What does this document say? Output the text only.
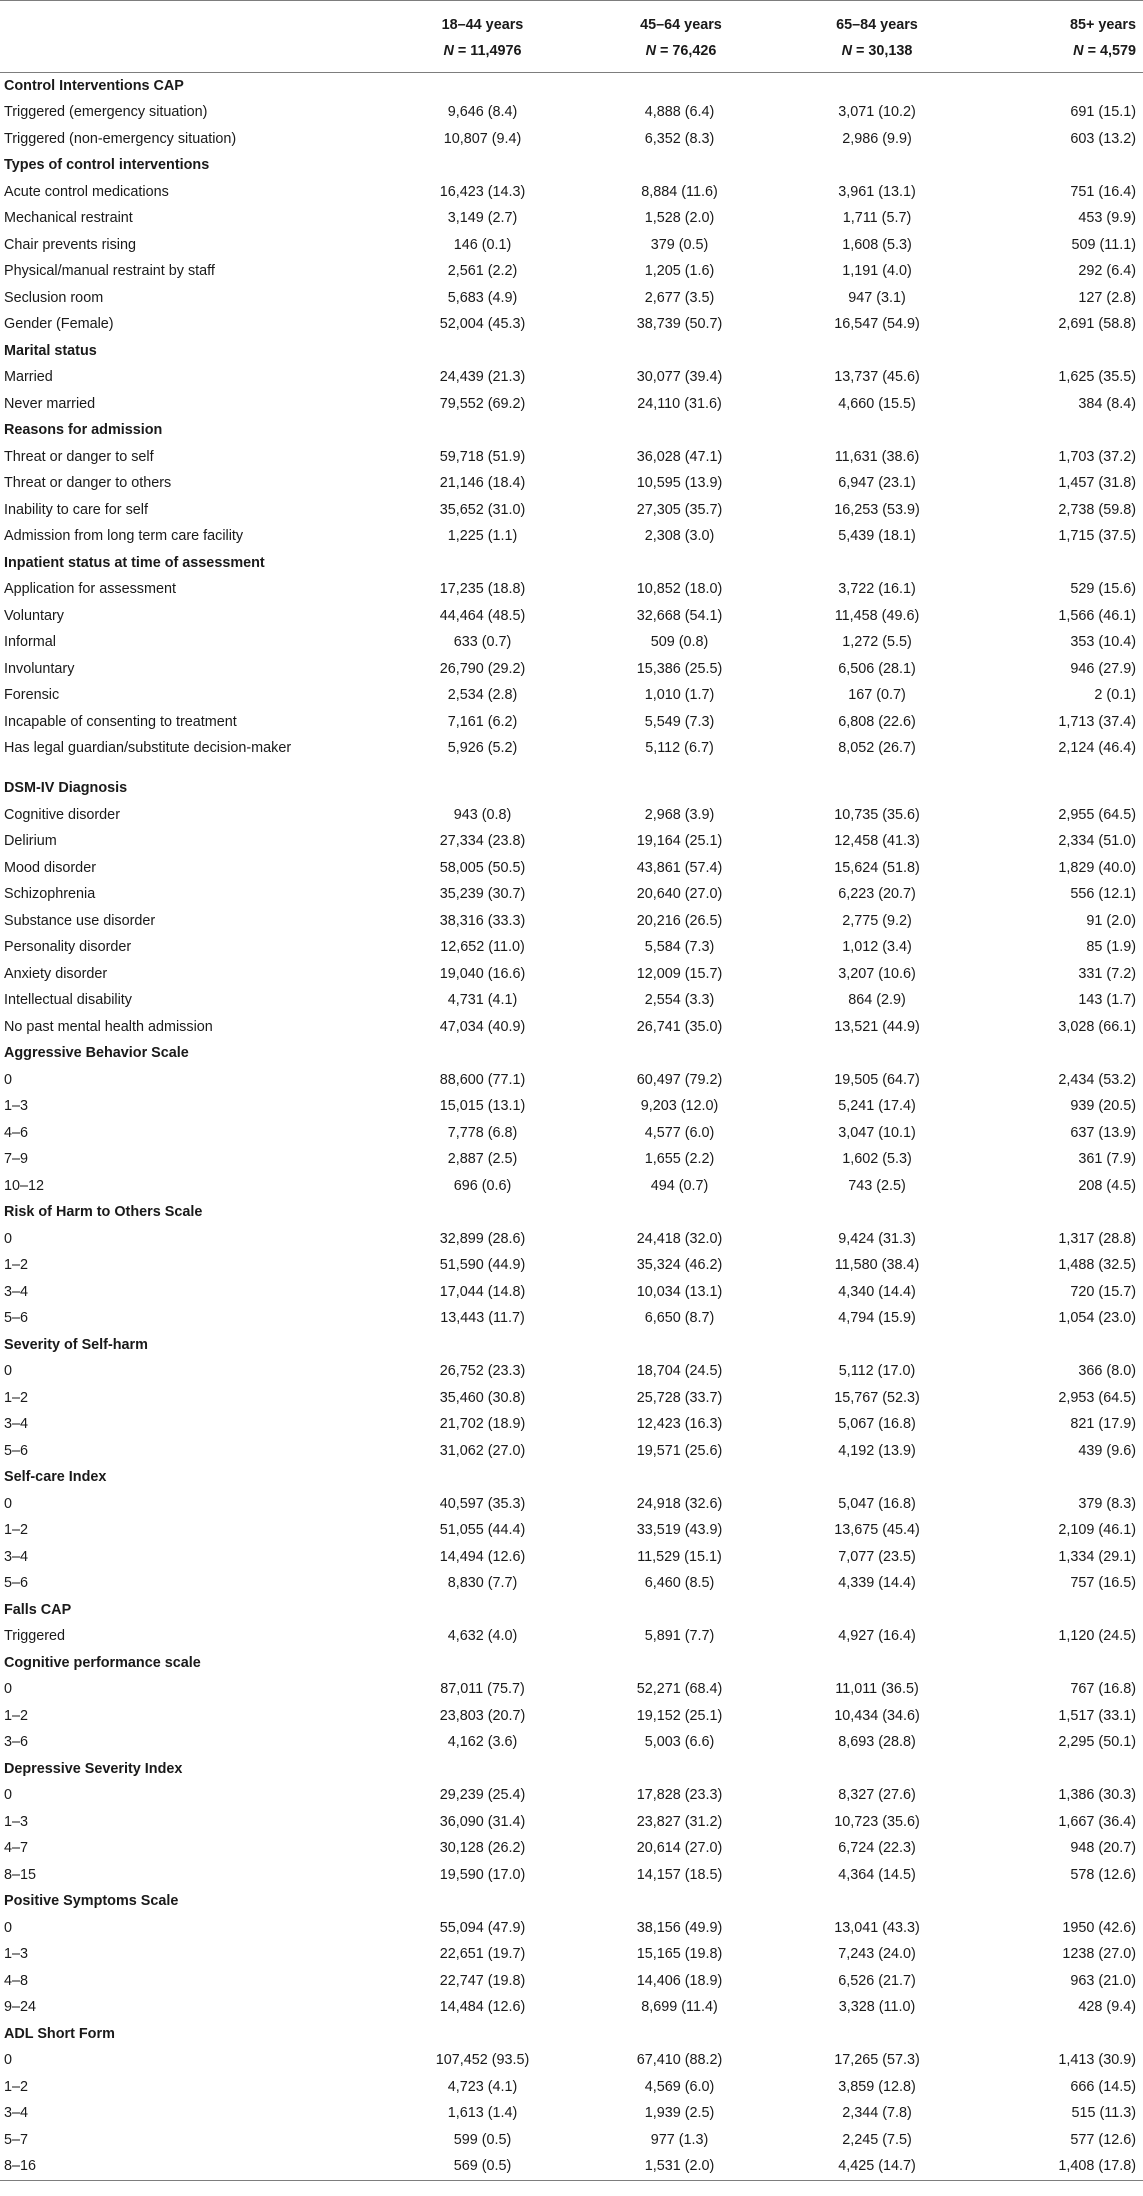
	18–44 years	45–64 years	65–84 years	85+ years
	N = 11,4976	N = 76,426	N = 30,138	N = 4,579
Control Interventions CAP				
Triggered (emergency situation)	9,646 (8.4)	4,888 (6.4)	3,071 (10.2)	691 (15.1)
Triggered (non-emergency situation)	10,807 (9.4)	6,352 (8.3)	2,986 (9.9)	603 (13.2)
Types of control interventions				
Acute control medications	16,423 (14.3)	8,884 (11.6)	3,961 (13.1)	751 (16.4)
Mechanical restraint	3,149 (2.7)	1,528 (2.0)	1,711 (5.7)	453 (9.9)
Chair prevents rising	146 (0.1)	379 (0.5)	1,608 (5.3)	509 (11.1)
Physical/manual restraint by staff	2,561 (2.2)	1,205 (1.6)	1,191 (4.0)	292 (6.4)
Seclusion room	5,683 (4.9)	2,677 (3.5)	947 (3.1)	127 (2.8)
Gender (Female)	52,004 (45.3)	38,739 (50.7)	16,547 (54.9)	2,691 (58.8)
Marital status				
Married	24,439 (21.3)	30,077 (39.4)	13,737 (45.6)	1,625 (35.5)
Never married	79,552 (69.2)	24,110 (31.6)	4,660 (15.5)	384 (8.4)
Reasons for admission				
Threat or danger to self	59,718 (51.9)	36,028 (47.1)	11,631 (38.6)	1,703 (37.2)
Threat or danger to others	21,146 (18.4)	10,595 (13.9)	6,947 (23.1)	1,457 (31.8)
Inability to care for self	35,652 (31.0)	27,305 (35.7)	16,253 (53.9)	2,738 (59.8)
Admission from long term care facility	1,225 (1.1)	2,308 (3.0)	5,439 (18.1)	1,715 (37.5)
Inpatient status at time of assessment				
Application for assessment	17,235 (18.8)	10,852 (18.0)	3,722 (16.1)	529 (15.6)
Voluntary	44,464 (48.5)	32,668 (54.1)	11,458 (49.6)	1,566 (46.1)
Informal	633 (0.7)	509 (0.8)	1,272 (5.5)	353 (10.4)
Involuntary	26,790 (29.2)	15,386 (25.5)	6,506 (28.1)	946 (27.9)
Forensic	2,534 (2.8)	1,010 (1.7)	167 (0.7)	2 (0.1)
Incapable of consenting to treatment	7,161 (6.2)	5,549 (7.3)	6,808 (22.6)	1,713 (37.4)
Has legal guardian/substitute decision-maker	5,926 (5.2)	5,112 (6.7)	8,052 (26.7)	2,124 (46.4)
DSM-IV Diagnosis				
Cognitive disorder	943 (0.8)	2,968 (3.9)	10,735 (35.6)	2,955 (64.5)
Delirium	27,334 (23.8)	19,164 (25.1)	12,458 (41.3)	2,334 (51.0)
Mood disorder	58,005 (50.5)	43,861 (57.4)	15,624 (51.8)	1,829 (40.0)
Schizophrenia	35,239 (30.7)	20,640 (27.0)	6,223 (20.7)	556 (12.1)
Substance use disorder	38,316 (33.3)	20,216 (26.5)	2,775 (9.2)	91 (2.0)
Personality disorder	12,652 (11.0)	5,584 (7.3)	1,012 (3.4)	85 (1.9)
Anxiety disorder	19,040 (16.6)	12,009 (15.7)	3,207 (10.6)	331 (7.2)
Intellectual disability	4,731 (4.1)	2,554 (3.3)	864 (2.9)	143 (1.7)
No past mental health admission	47,034 (40.9)	26,741 (35.0)	13,521 (44.9)	3,028 (66.1)
Aggressive Behavior Scale				
0	88,600 (77.1)	60,497 (79.2)	19,505 (64.7)	2,434 (53.2)
1–3	15,015 (13.1)	9,203 (12.0)	5,241 (17.4)	939 (20.5)
4–6	7,778 (6.8)	4,577 (6.0)	3,047 (10.1)	637 (13.9)
7–9	2,887 (2.5)	1,655 (2.2)	1,602 (5.3)	361 (7.9)
10–12	696 (0.6)	494 (0.7)	743 (2.5)	208 (4.5)
Risk of Harm to Others Scale				
0	32,899 (28.6)	24,418 (32.0)	9,424 (31.3)	1,317 (28.8)
1–2	51,590 (44.9)	35,324 (46.2)	11,580 (38.4)	1,488 (32.5)
3–4	17,044 (14.8)	10,034 (13.1)	4,340 (14.4)	720 (15.7)
5–6	13,443 (11.7)	6,650 (8.7)	4,794 (15.9)	1,054 (23.0)
Severity of Self-harm				
0	26,752 (23.3)	18,704 (24.5)	5,112 (17.0)	366 (8.0)
1–2	35,460 (30.8)	25,728 (33.7)	15,767 (52.3)	2,953 (64.5)
3–4	21,702 (18.9)	12,423 (16.3)	5,067 (16.8)	821 (17.9)
5–6	31,062 (27.0)	19,571 (25.6)	4,192 (13.9)	439 (9.6)
Self-care Index				
0	40,597 (35.3)	24,918 (32.6)	5,047 (16.8)	379 (8.3)
1–2	51,055 (44.4)	33,519 (43.9)	13,675 (45.4)	2,109 (46.1)
3–4	14,494 (12.6)	11,529 (15.1)	7,077 (23.5)	1,334 (29.1)
5–6	8,830 (7.7)	6,460 (8.5)	4,339 (14.4)	757 (16.5)
Falls CAP				
Triggered	4,632 (4.0)	5,891 (7.7)	4,927 (16.4)	1,120 (24.5)
Cognitive performance scale				
0	87,011 (75.7)	52,271 (68.4)	11,011 (36.5)	767 (16.8)
1–2	23,803 (20.7)	19,152 (25.1)	10,434 (34.6)	1,517 (33.1)
3–6	4,162 (3.6)	5,003 (6.6)	8,693 (28.8)	2,295 (50.1)
Depressive Severity Index				
0	29,239 (25.4)	17,828 (23.3)	8,327 (27.6)	1,386 (30.3)
1–3	36,090 (31.4)	23,827 (31.2)	10,723 (35.6)	1,667 (36.4)
4–7	30,128 (26.2)	20,614 (27.0)	6,724 (22.3)	948 (20.7)
8–15	19,590 (17.0)	14,157 (18.5)	4,364 (14.5)	578 (12.6)
Positive Symptoms Scale				
0	55,094 (47.9)	38,156 (49.9)	13,041 (43.3)	1950 (42.6)
1–3	22,651 (19.7)	15,165 (19.8)	7,243 (24.0)	1238 (27.0)
4–8	22,747 (19.8)	14,406 (18.9)	6,526 (21.7)	963 (21.0)
9–24	14,484 (12.6)	8,699 (11.4)	3,328 (11.0)	428 (9.4)
ADL Short Form				
0	107,452 (93.5)	67,410 (88.2)	17,265 (57.3)	1,413 (30.9)
1–2	4,723 (4.1)	4,569 (6.0)	3,859 (12.8)	666 (14.5)
3–4	1,613 (1.4)	1,939 (2.5)	2,344 (7.8)	515 (11.3)
5–7	599 (0.5)	977 (1.3)	2,245 (7.5)	577 (12.6)
8–16	569 (0.5)	1,531 (2.0)	4,425 (14.7)	1,408 (17.8)
